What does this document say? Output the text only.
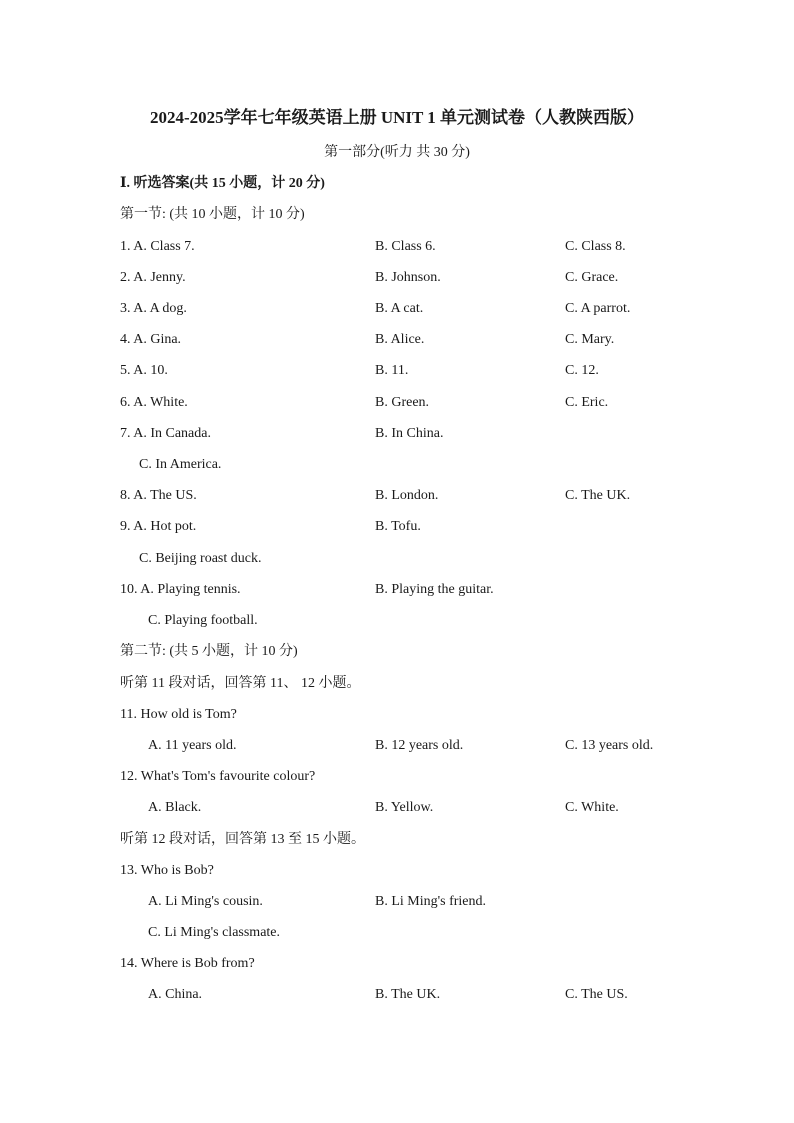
2024-2025学年七年级英语上册 UNIT 1 单元测试卷（人教陕西版）
第一部分(听力 共 30 分)
Ⅰ. 听选答案(共 15 小题，计 20 分)
第一节: (共 10 小题，计 10 分)
1. A. Class 7.	B. Class 6.	C. Class 8.
2. A. Jenny.	B. Johnson.	C. Grace.
3. A. A dog.	B. A cat.	C. A parrot.
4. A. Gina.	B. Alice.	C. Mary.
5. A. 10.	B. 11.	C. 12.
6. A. White.	B. Green.	C. Eric.
7. A. In Canada.	B. In China.
C. In America.
8. A. The US.	B. London.	C. The UK.
9. A. Hot pot.	B. Tofu.
C. Beijing roast duck.
10. A. Playing tennis.	B. Playing the guitar.
C. Playing football.
第二节: (共 5 小题，计 10 分)
听第 11 段对话，回答第 11、 12 小题。
11. How old is Tom?
A. 11 years old.	B. 12 years old.	C. 13 years old.
12. What's Tom's favourite colour?
A. Black.	B. Yellow.	C. White.
听第 12 段对话，回答第 13 至 15 小题。
13. Who is Bob?
A. Li Ming's cousin.	B. Li Ming's friend.
C. Li Ming's classmate.
14. Where is Bob from?
A. China.	B. The UK.	C. The US.
